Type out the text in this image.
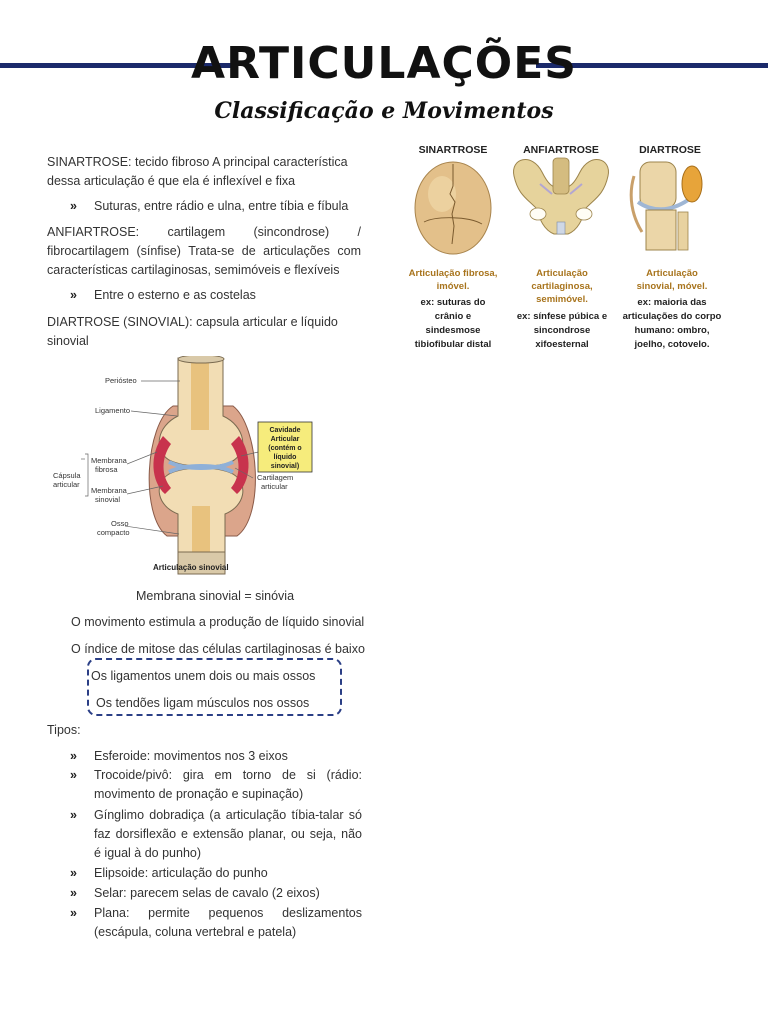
ARTICULAÇÕES
Classificação e Movimentos
SINARTROSE: tecido fibroso A principal característica dessa articulação é que ela é inflexível e fixa
» Suturas, entre rádio e ulna, entre tíbia e fíbula
ANFIARTROSE: cartilagem (sincondrose) / fibrocartilagem (sínfise) Trata-se de articulações com características cartilaginosas, semimóveis e flexíveis
» Entre o esterno e as costelas
DIARTROSE (SINOVIAL): capsula articular e líquido sinovial
Periósteo
Ligamento
Membrana
fibrosa
Cápsula
articular
Membrana
sinovial
Osso
compacto
Cartilagem
articular
Cavidade
Articular
(contém o
líquido
sinovial)
Articulação sinovial
Membrana sinovial = sinóvia
O movimento estimula a produção de líquido sinovial
O índice de mitose das células cartilaginosas é baixo
Os ligamentos unem dois ou mais ossos
Os tendões ligam músculos nos ossos
Tipos:
» Esferoide: movimentos nos 3 eixos
» Trocoide/pivô: gira em torno de si (rádio: movimento de pronação e supinação)
» Gínglimo dobradiça (a articulação tíbia-talar só faz dorsiflexão e extensão planar, ou seja, não é igual à do punho)
» Elipsoide: articulação do punho
» Selar: parecem selas de cavalo (2 eixos)
» Plana: permite pequenos deslizamentos (escápula, coluna vertebral e patela)
SINARTROSE	ANFIARTROSE	DIARTROSE
Articulação fibrosa,
imóvel.
ex: suturas do
crânio e
sindesmose
tibiofibular distal
Articulação
cartilaginosa,
semimóvel.
ex: sínfese púbica e
sincondrose
xifoesternal
Articulação
sinovial, móvel.
ex: maioria das
articulações do corpo
humano: ombro,
joelho, cotovelo.
